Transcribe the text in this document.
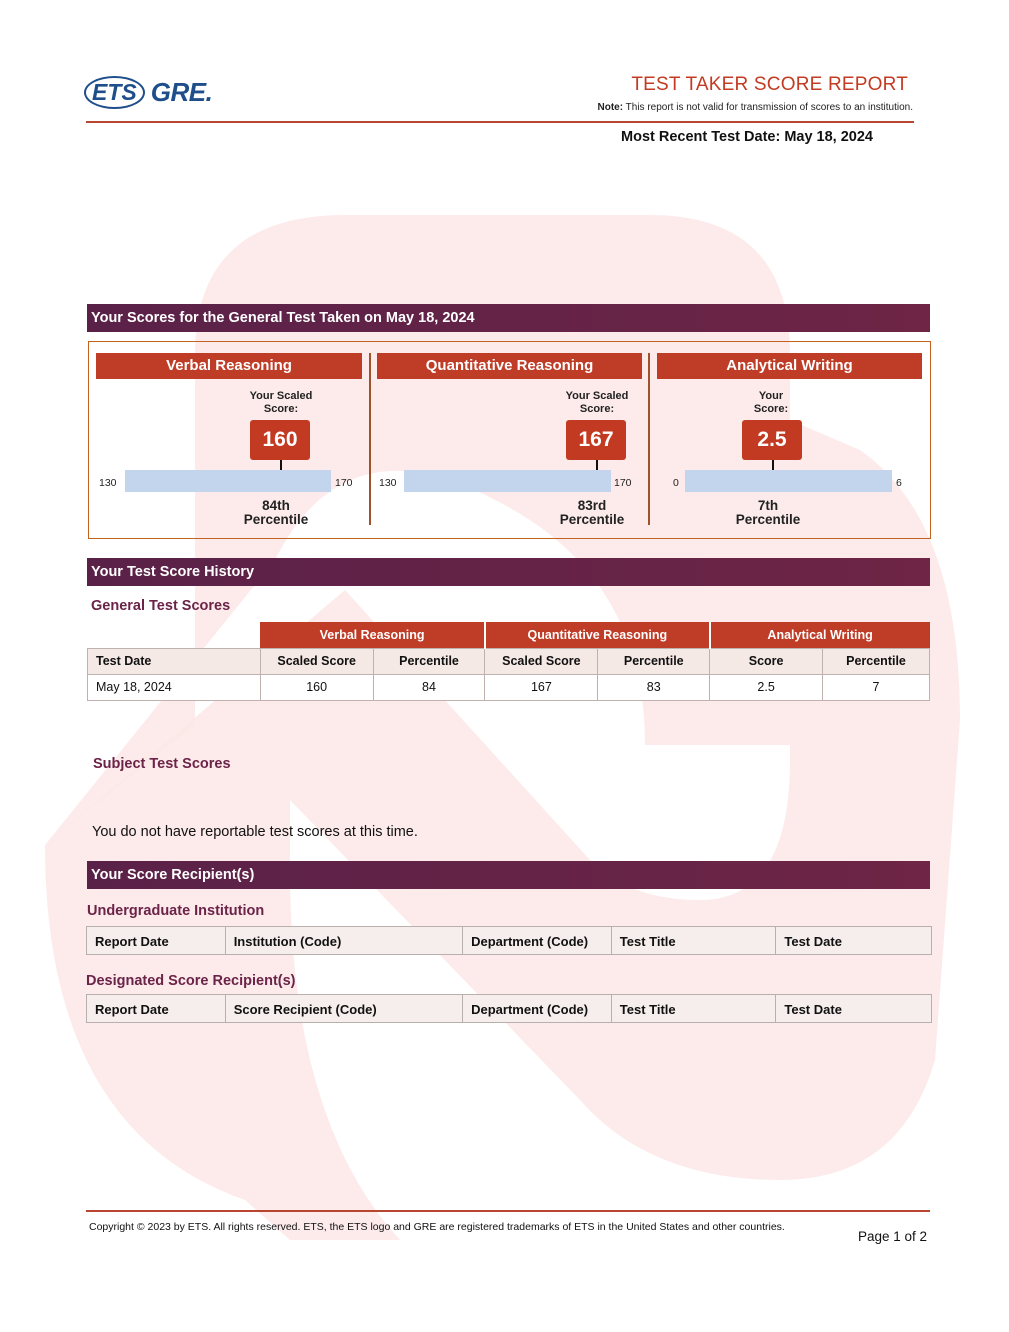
ETS GRE.	TEST TAKER SCORE REPORT
Note: This report is not valid for transmission of scores to an institution.
Most Recent Test Date: May 18, 2024
Your Scores for the General Test Taken on May 18, 2024
Verbal Reasoning
Your Scaled
Score:
160
130	170
84th
Percentile
Quantitative Reasoning
Your Scaled
Score:
167
130	170
83rd
Percentile
Analytical Writing
Your
Score:
2.5
0	6
7th
Percentile
Your Test Score History
General Test Scores
	Verbal Reasoning		Quantitative Reasoning		Analytical Writing	
Test Date	Scaled Score	Percentile	Scaled Score	Percentile	Score	Percentile
May 18, 2024	160	84	167	83	2.5	7
Subject Test Scores
You do not have reportable test scores at this time.
Your Score Recipient(s)
Undergraduate Institution
Report Date	Institution (Code)	Department (Code)	Test Title	Test Date
Designated Score Recipient(s)
Report Date	Score Recipient (Code)	Department (Code)	Test Title	Test Date
Copyright © 2023 by ETS. All rights reserved. ETS, the ETS logo and GRE are registered trademarks of ETS in the United States and other countries.
Page 1 of 2
